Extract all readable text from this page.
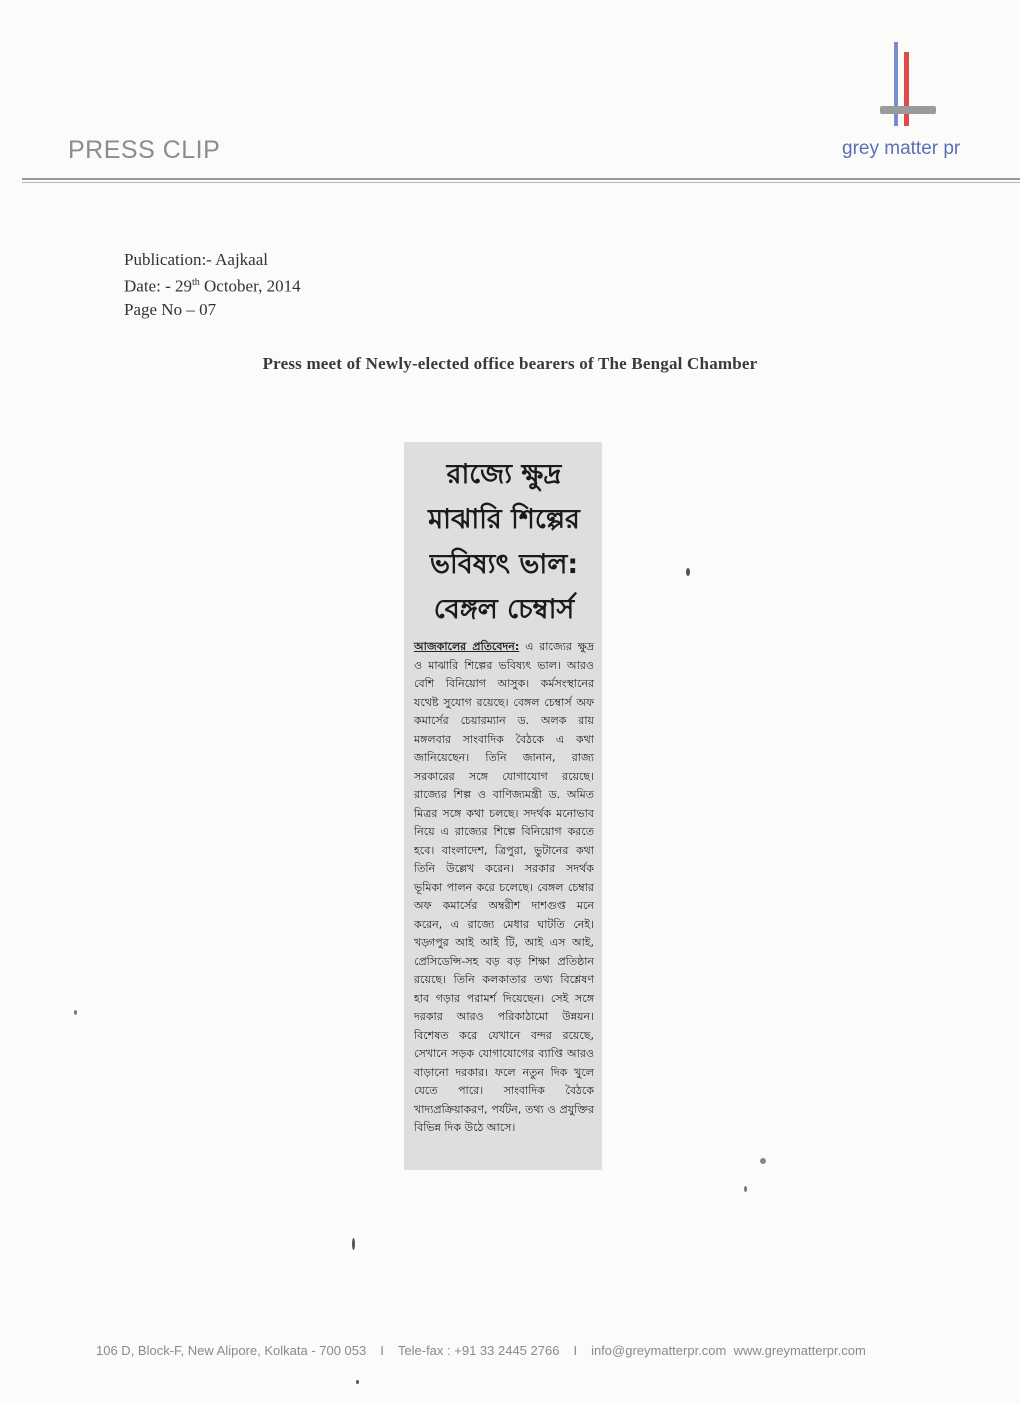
PRESS CLIP	grey matter pr
Publication:- Aajkaal
Date: - 29th October, 2014
Page No – 07
Press meet of Newly-elected office bearers of The Bengal Chamber
রাজ্যে ক্ষুদ্র মাঝারি শিল্পের ভবিষ্যৎ ভাল: বেঙ্গল চেম্বার্স

আজকালের প্রতিবেদন: এ রাজ্যের ক্ষুদ্র ও মাঝারি শিল্পের ভবিষ্যৎ ভাল। আরও বেশি বিনিয়োগ আসুক। কর্মসংস্থানের যথেষ্ট সুযোগ রয়েছে। বেঙ্গল চেম্বার্স অফ কমার্সের চেয়ারম্যান ড. অলক রায় মঙ্গলবার সাংবাদিক বৈঠকে এ কথা জানিয়েছেন। তিনি জানান, রাজ্য সরকারের সঙ্গে যোগাযোগ রয়েছে। রাজ্যের শিল্প ও বাণিজ্যমন্ত্রী ড. অমিত মিত্রর সঙ্গে কথা চলছে। সদর্থক মনোভাব নিয়ে এ রাজ্যের শিল্পে বিনিয়োগ করতে হবে। বাংলাদেশ, ত্রিপুরা, ভুটানের কথা তিনি উল্লেখ করেন। সরকার সদর্থক ভূমিকা পালন করে চলেছে। বেঙ্গল চেম্বার অফ কমার্সের অম্বরীশ দাশগুপ্ত মনে করেন, এ রাজ্যে মেধার ঘাটতি নেই। খড়্গপুর আই আই টি, আই এস আই, প্রেসিডেন্সি-সহ বড় বড় শিক্ষা প্রতিষ্ঠান রয়েছে। তিনি কলকাতার তথ্য বিশ্লেষণ হাব গড়ার পরামর্শ দিয়েছেন। সেই সঙ্গে দরকার আরও পরিকাঠামো উন্নয়ন। বিশেষত করে যেখানে বন্দর রয়েছে, সেখানে সড়ক যোগাযোগের ব্যাপ্তি আরও বাড়ানো দরকার। ফলে নতুন দিক খুলে যেতে পারে। সাংবাদিক বৈঠকে খাদ্যপ্রক্রিয়াকরণ, পর্যটন, তথ্য ও প্রযুক্তির বিভিন্ন দিক উঠে আসে।

106 D, Block-F, New Alipore, Kolkata - 700 053 I Tele-fax : +91 33 2445 2766 I info@greymatterpr.com www.greymatterpr.com
